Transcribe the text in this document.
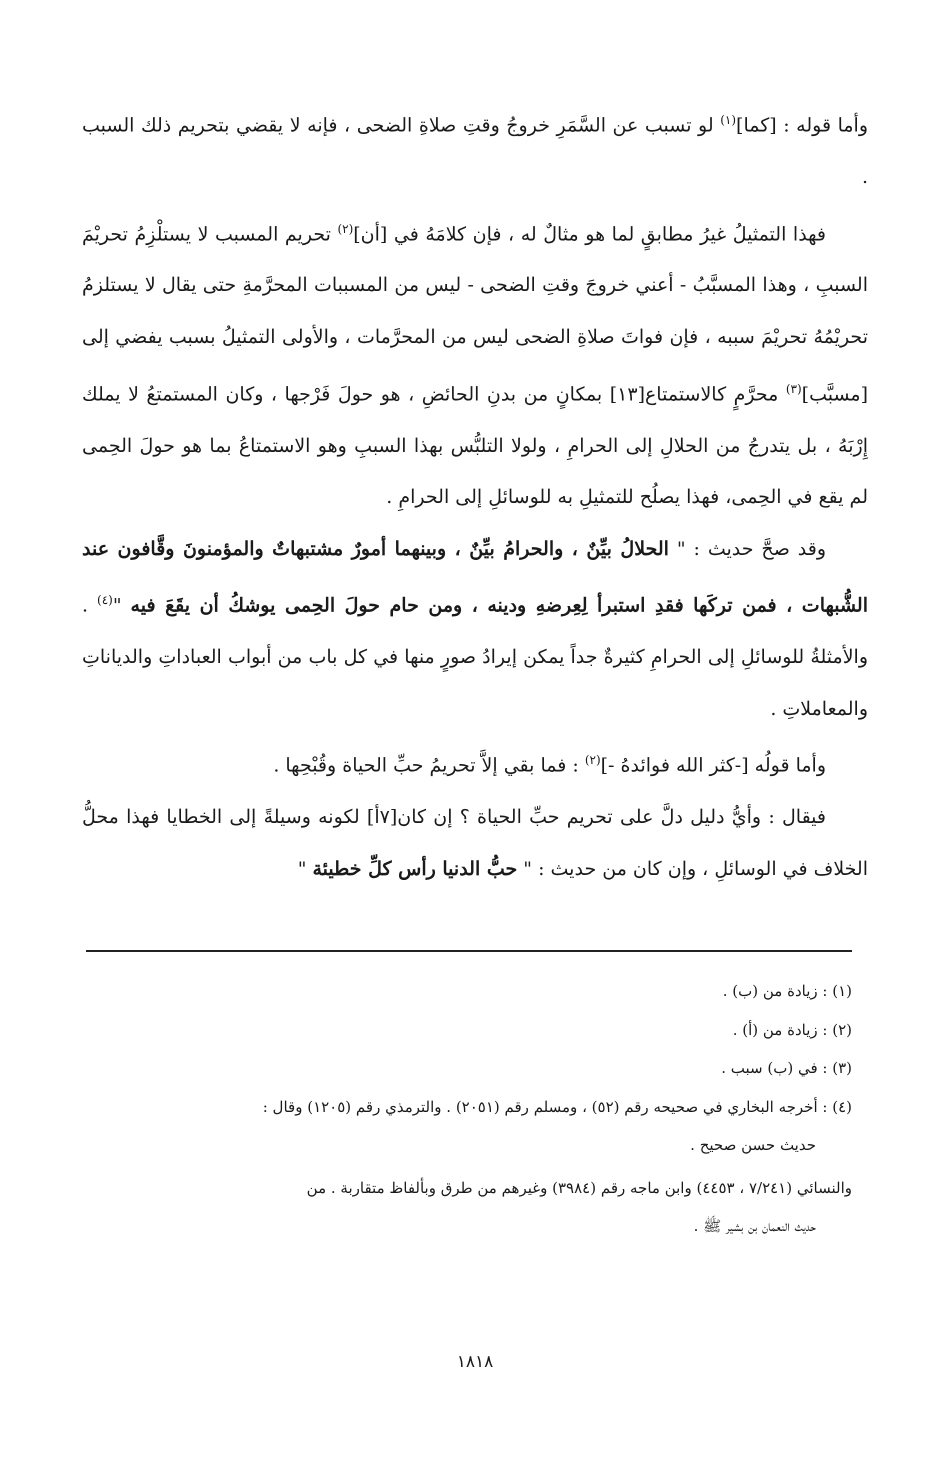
وأما قوله : [كما]$^{(١)}$ لو تسبب عن السَّمَرِ خروجُ وقتِ صلاةِ الضحى ، فإنه لا يقضي بتحريم ذلك السبب .

فهذا التمثيلُ غيرُ مطابقٍ لما هو مثالٌ له ، فإن كلامَهُ في [أن]$^{(٢)}$ تحريم المسبب لا يستلْزِمُ تحريْمَ السببِ ، وهذا المسبَّبُ - أعني خروجَ وقتِ الضحى - ليس من المسببات المحرَّمةِ حتى يقال لا يستلزمُ تحريْمُهُ تحريْمَ سببه ، فإن فواتَ صلاةِ الضحى ليس من المحرَّمات ، والأولى التمثيلُ بسبب يفضي إلى [مسبَّب]$^{(٣)}$ محرَّمٍ كالاستمتاع[١٣] بمكانٍ من بدنِ الحائضِ ، هو حولَ فَرْجها ، وكان المستمتعُ لا يملك إِرْبَهُ ، بل يتدرجُ من الحلالِ إلى الحرامِ ، ولولا التلبُّس بهذا السببِ وهو الاستمتاعُ بما هو حولَ الحِمى لم يقع في الحِمى، فهذا يصلُح للتمثيلِ به للوسائلِ إلى الحرامِ .

وقد صحَّ حديث : " الحلالُ بيِّنٌ ، والحرامُ بيِّنٌ ، وبينهما أمورٌ مشتبهاتٌ والمؤمنونَ وقَّافون عند الشُّبهات ، فمن تركَها فقدِ استبرأ لِعِرضهِ ودينه ، ومن حام حولَ الحِمى يوشكُ أن يقَعَ فيه "$^{(٤)}$ . والأمثلةُ للوسائلِ إلى الحرامِ كثيرةٌ جداً يمكن إيرادُ صورٍ منها في كل باب من أبواب العباداتِ والدياناتِ والمعاملاتِ .

وأما قولُه [-كثر الله فوائدهُ -]$^{(٢)}$ : فما بقي إلاَّ تحريمُ حبِّ الحياة وقُبْحِها .

فيقال : وأيُّ دليل دلَّ على تحريم حبِّ الحياة ؟ إن كان[٧أ] لكونه وسيلةً إلى الخطايا فهذا محلُّ الخلاف في الوسائلِ ، وإن كان من حديث : " حبُّ الدنيا رأس كلِّ خطيئة "

(١) : زيادة من (ب) .

(٢) : زيادة من (أ) .

(٣) : في (ب) سبب .

(٤) : أخرجه البخاري في صحيحه رقم (٥٢) ، ومسلم رقم (٢٠٥١) . والترمذي رقم (١٢٠٥) وقال :

حديث حسن صحيح .

والنسائي (٧/٢٤١ ، ٤٤٥٣) وابن ماجه رقم (٣٩٨٤) وغيرهم من طرق وبألفاظ متقاربة . من

حديث النعمان بن بشير ﷺ .

١٨١٨
